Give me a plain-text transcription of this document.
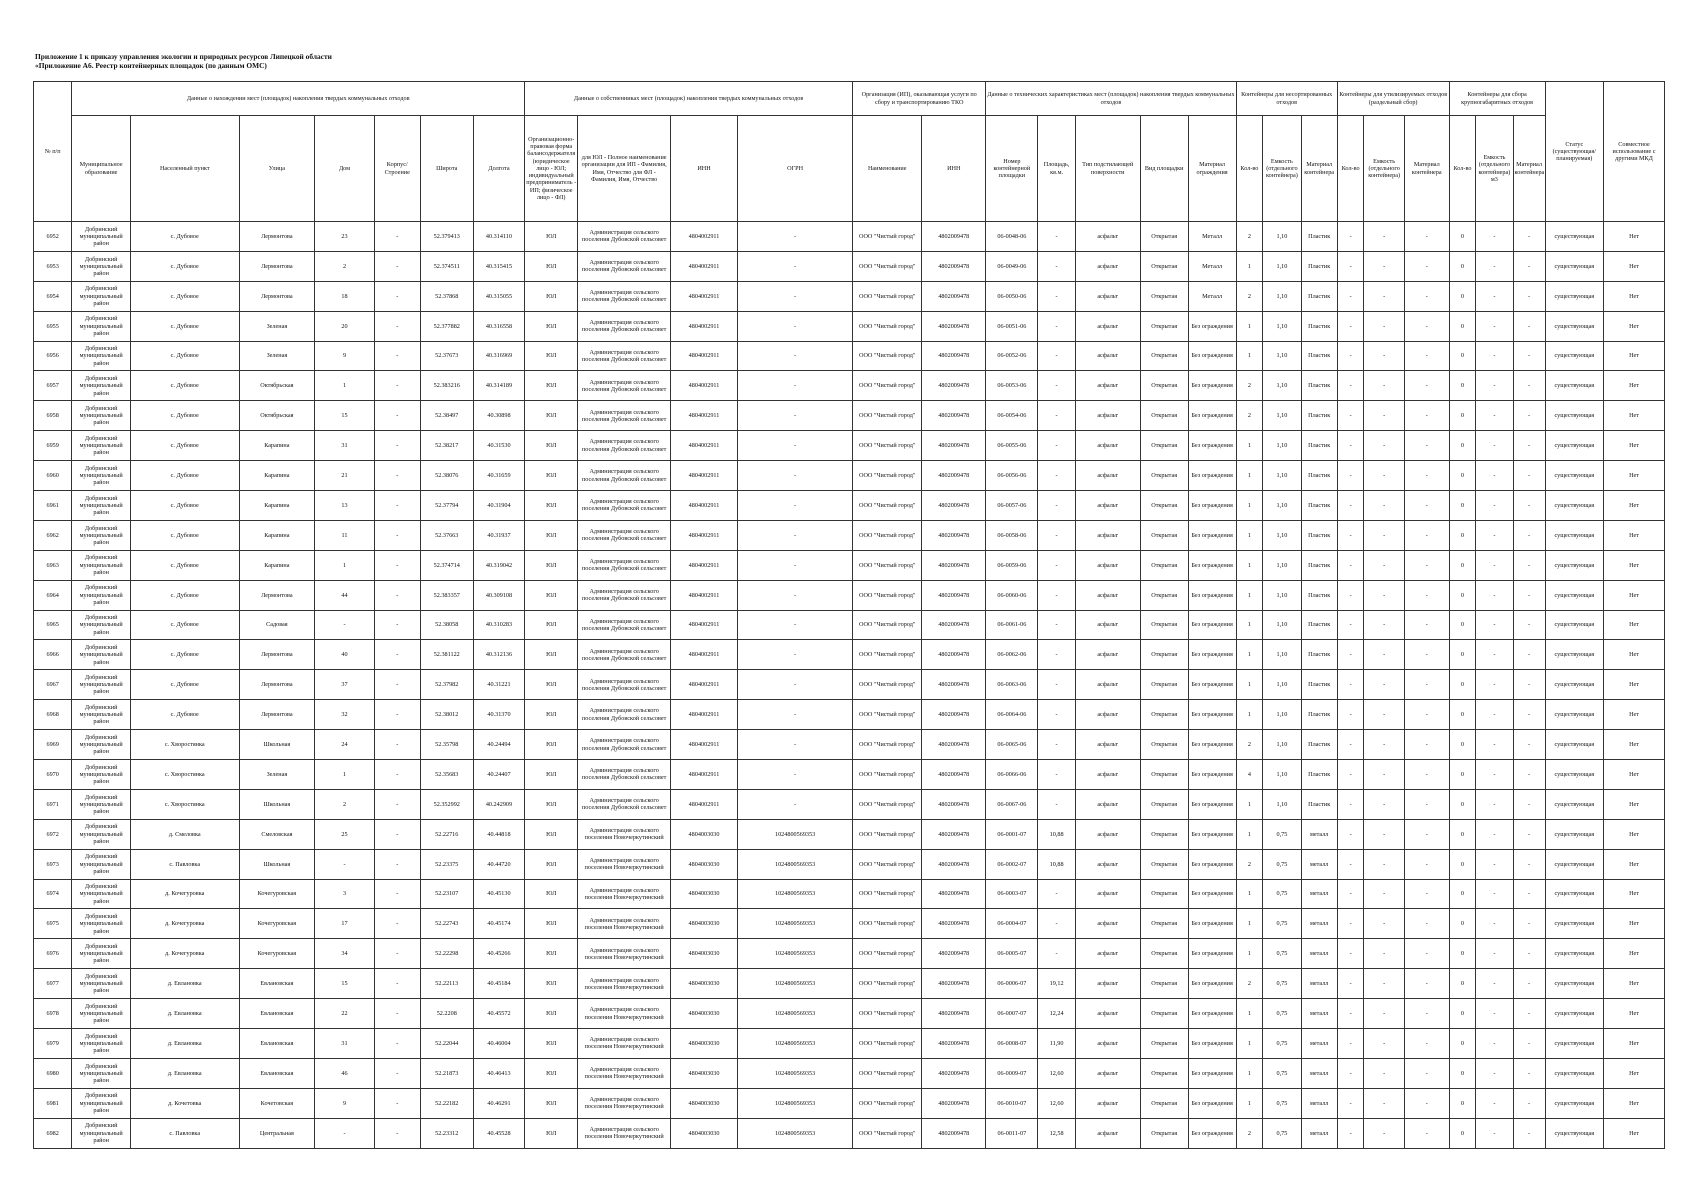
Приложение 1 к приказу управления экологии и природных ресурсов Липецкой области
«Приложение А6. Реестр контейнерных площадок (по данным ОМС)
№ п/п	Данные о нахождении мест (площадок) накопления твердых коммунальных отходов							Данные о собственниках мест (площадок) накопления твердых коммунальных отходов				Организация (ИП), оказывающая услуги по сбору и транспортированию ТКО		Данные о технических характеристиках мест (площадок) накопления твердых коммунальных отходов					Контейнеры для несортированных отходов			Контейнеры для утилизируемых отходов (раздельный сбор)			Контейнеры для сбора крупногабаритных отходов			Статус (существующая/планируемая)	Совместное использование с другими МКД
	Муниципальное образование	Населенный пункт	Улица	Дом	Корпус/Строение	Широта	Долгота	Организационно-правовая форма балансодержателя (юридическое лицо - ЮЛ; индивидуальный предприниматель - ИП; физическое лицо - ФЛ)	для ЮЛ - Полное наименование организации для ИП - Фамилия, Имя, Отчество для ФЛ - Фамилия, Имя, Отчество	ИНН	ОГРН	Наименование	ИНН	Номер контейнерной площадки	Площадь, кв.м.	Тип подстилающей поверхности	Вид площадки	Материал ограждения	Кол-во	Емкость (отдельного контейнера)	Материал контейнера	Кол-во	Емкость (отдельного контейнера)	Материал контейнера	Кол-во	Емкость (отдельного контейнера) м3	Материал контейнера		
6952	Добринский муниципальный район	с. Дубовое	Лермонтова	23	-	52.379413	40.314110	ЮЛ	Администрация сельского поселения Дубовской сельсовет	4804002911	-	ООО "Чистый город"	4802009478	06-0048-06	-	асфальт	Открытая	Металл	2	1,10	Пластик	-	-	-	0	-	-	существующая	Нет
6953	Добринский муниципальный район	с. Дубовое	Лермонтова	2	-	52.374511	40.315415	ЮЛ	Администрация сельского поселения Дубовской сельсовет	4804002911	-	ООО "Чистый город"	4802009478	06-0049-06	-	асфальт	Открытая	Металл	1	1,10	Пластик	-	-	-	0	-	-	существующая	Нет
6954	Добринский муниципальный район	с. Дубовое	Лермонтова	18	-	52.37868	40.315055	ЮЛ	Администрация сельского поселения Дубовской сельсовет	4804002911	-	ООО "Чистый город"	4802009478	06-0050-06	-	асфальт	Открытая	Металл	2	1,10	Пластик	-	-	-	0	-	-	существующая	Нет
6955	Добринский муниципальный район	с. Дубовое	Зеленая	20	-	52.377882	40.316558	ЮЛ	Администрация сельского поселения Дубовской сельсовет	4804002911	-	ООО "Чистый город"	4802009478	06-0051-06	-	асфальт	Открытая	Без ограждения	1	1,10	Пластик	-	-	-	0	-	-	существующая	Нет
6956	Добринский муниципальный район	с. Дубовое	Зеленая	9	-	52.37673	40.316969	ЮЛ	Администрация сельского поселения Дубовской сельсовет	4804002911	-	ООО "Чистый город"	4802009478	06-0052-06	-	асфальт	Открытая	Без ограждения	1	1,10	Пластик	-	-	-	0	-	-	существующая	Нет
6957	Добринский муниципальный район	с. Дубовое	Октябрьская	1	-	52.383216	40.314189	ЮЛ	Администрация сельского поселения Дубовской сельсовет	4804002911	-	ООО "Чистый город"	4802009478	06-0053-06	-	асфальт	Открытая	Без ограждения	2	1,10	Пластик	-	-	-	0	-	-	существующая	Нет
6958	Добринский муниципальный район	с. Дубовое	Октябрьская	15	-	52.38497	40.30898	ЮЛ	Администрация сельского поселения Дубовской сельсовет	4804002911	-	ООО "Чистый город"	4802009478	06-0054-06	-	асфальт	Открытая	Без ограждения	2	1,10	Пластик	-	-	-	0	-	-	существующая	Нет
6959	Добринский муниципальный район	с. Дубовое	Карапина	31	-	52.38217	40.31530	ЮЛ	Администрация сельского поселения Дубовской сельсовет	4804002911	-	ООО "Чистый город"	4802009478	06-0055-06	-	асфальт	Открытая	Без ограждения	1	1,10	Пластик	-	-	-	0	-	-	существующая	Нет
6960	Добринский муниципальный район	с. Дубовое	Карапина	21	-	52.38076	40.31659	ЮЛ	Администрация сельского поселения Дубовской сельсовет	4804002911	-	ООО "Чистый город"	4802009478	06-0056-06	-	асфальт	Открытая	Без ограждения	1	1,10	Пластик	-	-	-	0	-	-	существующая	Нет
6961	Добринский муниципальный район	с. Дубовое	Карапина	13	-	52.37794	40.31904	ЮЛ	Администрация сельского поселения Дубовской сельсовет	4804002911	-	ООО "Чистый город"	4802009478	06-0057-06	-	асфальт	Открытая	Без ограждения	1	1,10	Пластик	-	-	-	0	-	-	существующая	Нет
6962	Добринский муниципальный район	с. Дубовое	Карапина	11	-	52.37663	40.31937	ЮЛ	Администрация сельского поселения Дубовской сельсовет	4804002911	-	ООО "Чистый город"	4802009478	06-0058-06	-	асфальт	Открытая	Без ограждения	1	1,10	Пластик	-	-	-	0	-	-	существующая	Нет
6963	Добринский муниципальный район	с. Дубовое	Карапина	1	-	52.374714	40.319042	ЮЛ	Администрация сельского поселения Дубовской сельсовет	4804002911	-	ООО "Чистый город"	4802009478	06-0059-06	-	асфальт	Открытая	Без ограждения	1	1,10	Пластик	-	-	-	0	-	-	существующая	Нет
6964	Добринский муниципальный район	с. Дубовое	Лермонтова	44	-	52.383357	40.309108	ЮЛ	Администрация сельского поселения Дубовской сельсовет	4804002911	-	ООО "Чистый город"	4802009478	06-0060-06	-	асфальт	Открытая	Без ограждения	1	1,10	Пластик	-	-	-	0	-	-	существующая	Нет
6965	Добринский муниципальный район	с. Дубовое	Садовая	-	-	52.38058	40.310283	ЮЛ	Администрация сельского поселения Дубовской сельсовет	4804002911	-	ООО "Чистый город"	4802009478	06-0061-06	-	асфальт	Открытая	Без ограждения	1	1,10	Пластик	-	-	-	0	-	-	существующая	Нет
6966	Добринский муниципальный район	с. Дубовое	Лермонтова	40	-	52.381122	40.312136	ЮЛ	Администрация сельского поселения Дубовской сельсовет	4804002911	-	ООО "Чистый город"	4802009478	06-0062-06	-	асфальт	Открытая	Без ограждения	1	1,10	Пластик	-	-	-	0	-	-	существующая	Нет
6967	Добринский муниципальный район	с. Дубовое	Лермонтова	37	-	52.37982	40.31221	ЮЛ	Администрация сельского поселения Дубовской сельсовет	4804002911	-	ООО "Чистый город"	4802009478	06-0063-06	-	асфальт	Открытая	Без ограждения	1	1,10	Пластик	-	-	-	0	-	-	существующая	Нет
6968	Добринский муниципальный район	с. Дубовое	Лермонтова	32	-	52.38012	40.31370	ЮЛ	Администрация сельского поселения Дубовской сельсовет	4804002911	-	ООО "Чистый город"	4802009478	06-0064-06	-	асфальт	Открытая	Без ограждения	1	1,10	Пластик	-	-	-	0	-	-	существующая	Нет
6969	Добринский муниципальный район	с. Хворостянка	Школьная	24	-	52.35798	40.24494	ЮЛ	Администрация сельского поселения Дубовской сельсовет	4804002911	-	ООО "Чистый город"	4802009478	06-0065-06	-	асфальт	Открытая	Без ограждения	2	1,10	Пластик	-	-	-	0	-	-	существующая	Нет
6970	Добринский муниципальный район	с. Хворостянка	Зеленая	1	-	52.35683	40.24407	ЮЛ	Администрация сельского поселения Дубовской сельсовет	4804002911	-	ООО "Чистый город"	4802009478	06-0066-06	-	асфальт	Открытая	Без ограждения	4	1,10	Пластик	-	-	-	0	-	-	существующая	Нет
6971	Добринский муниципальный район	с. Хворостянка	Школьная	2	-	52.352992	40.242909	ЮЛ	Администрация сельского поселения Дубовской сельсовет	4804002911	-	ООО "Чистый город"	4802009478	06-0067-06	-	асфальт	Открытая	Без ограждения	1	1,10	Пластик	-	-	-	0	-	-	существующая	Нет
6972	Добринский муниципальный район	д. Смеловка	Смеловская	25	-	52.22716	40.44818	ЮЛ	Администрация сельского поселения Новочеркутинский	4804003030	1024800569353	ООО "Чистый город"	4802009478	06-0001-07	10,88	асфальт	Открытая	Без ограждения	1	0,75	металл	-	-	-	0	-	-	существующая	Нет
6973	Добринский муниципальный район	с. Павловка	Школьная	-	-	52.23375	40.44720	ЮЛ	Администрация сельского поселения Новочеркутинский	4804003030	1024800569353	ООО "Чистый город"	4802009478	06-0002-07	10,88	асфальт	Открытая	Без ограждения	2	0,75	металл	-	-	-	0	-	-	существующая	Нет
6974	Добринский муниципальный район	д. Кочегуровка	Кочегуровская	3	-	52.23107	40.45130	ЮЛ	Администрация сельского поселения Новочеркутинский	4804003030	1024800569353	ООО "Чистый город"	4802009478	06-0003-07	-	асфальт	Открытая	Без ограждения	1	0,75	металл	-	-	-	0	-	-	существующая	Нет
6975	Добринский муниципальный район	д. Кочегуровка	Кочегуровская	17	-	52.22743	40.45174	ЮЛ	Администрация сельского поселения Новочеркутинский	4804003030	1024800569353	ООО "Чистый город"	4802009478	06-0004-07	-	асфальт	Открытая	Без ограждения	1	0,75	металл	-	-	-	0	-	-	существующая	Нет
6976	Добринский муниципальный район	д. Кочегуровка	Кочегуровская	34	-	52.22298	40.45266	ЮЛ	Администрация сельского поселения Новочеркутинский	4804003030	1024800569353	ООО "Чистый город"	4802009478	06-0005-07	-	асфальт	Открытая	Без ограждения	1	0,75	металл	-	-	-	0	-	-	существующая	Нет
6977	Добринский муниципальный район	д. Евлановка	Евлановская	15	-	52.22113	40.45184	ЮЛ	Администрация сельского поселения Новочеркутинский	4804003030	1024800569353	ООО "Чистый город"	4802009478	06-0006-07	19,12	асфальт	Открытая	Без ограждения	2	0,75	металл	-	-	-	0	-	-	существующая	Нет
6978	Добринский муниципальный район	д. Евлановка	Евлановская	22	-	52.2208	40.45572	ЮЛ	Администрация сельского поселения Новочеркутинский	4804003030	1024800569353	ООО "Чистый город"	4802009478	06-0007-07	12,24	асфальт	Открытая	Без ограждения	1	0,75	металл	-	-	-	0	-	-	существующая	Нет
6979	Добринский муниципальный район	д. Евлановка	Евлановская	31	-	52.22044	40.46004	ЮЛ	Администрация сельского поселения Новочеркутинский	4804003030	1024800569353	ООО "Чистый город"	4802009478	06-0008-07	11,90	асфальт	Открытая	Без ограждения	1	0,75	металл	-	-	-	0	-	-	существующая	Нет
6980	Добринский муниципальный район	д. Евлановка	Евлановская	46	-	52.21873	40.46413	ЮЛ	Администрация сельского поселения Новочеркутинский	4804003030	1024800569353	ООО "Чистый город"	4802009478	06-0009-07	12,60	асфальт	Открытая	Без ограждения	1	0,75	металл	-	-	-	0	-	-	существующая	Нет
6981	Добринский муниципальный район	д. Кочетовка	Кочетовская	9	-	52.22182	40.46291	ЮЛ	Администрация сельского поселения Новочеркутинский	4804003030	1024800569353	ООО "Чистый город"	4802009478	06-0010-07	12,60	асфальт	Открытая	Без ограждения	1	0,75	металл	-	-	-	0	-	-	существующая	Нет
6982	Добринский муниципальный район	с. Павловка	Центральная	-	-	52.23312	40.45528	ЮЛ	Администрация сельского поселения Новочеркутинский	4804003030	1024800569353	ООО "Чистый город"	4802009478	06-0011-07	12,58	асфальт	Открытая	Без ограждения	2	0,75	металл	-	-	-	0	-	-	существующая	Нет
